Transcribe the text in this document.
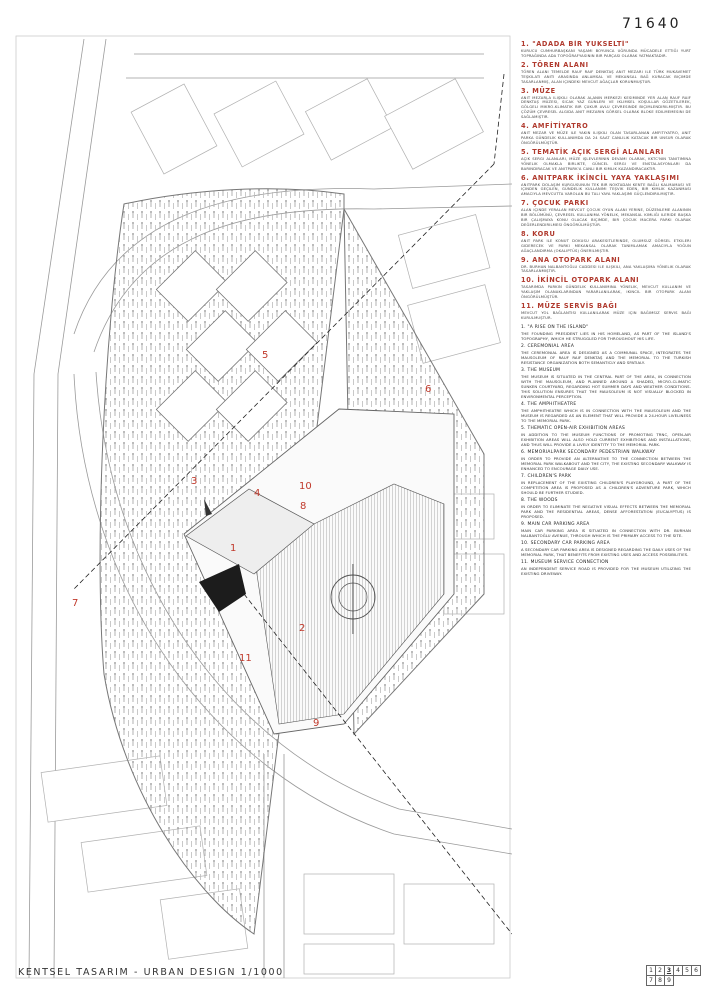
71640
1
2
3
4
5
6
7
8
9
10
11
1. "ADADA BİR YÜKSELTİ"
KURUCU CUMHURBAŞKANI YAŞAMI BOYUNCA UĞRUNDA MÜCADELE ETTIĞI YURT TOPRAĞINDA ADA TOPOĞRAFYASININ BIR PARÇASI OLARAK YATMAKTADIR.
2. TÖREN ALANI
TÖREN ALANI TEMELDE RAUF RAIF DENKTAŞ ANIT MEZARI ILE TÜRK MUKAVEMET TEŞKILATI ANITI ARASINDA ANLAMSAL VE MEKANSAL BAĞ KURACAK BIÇIMDE TASARLANMIŞ, ALAN IÇINDEKI MEVCUT AĞAÇLAR KORUNMUŞTUR.
3. MÜZE
ANIT MEZARLA ILIŞKILI OLARAK ALANIN MERKEZI KESIMINDE YER ALAN RAUF RAIF DENKTAŞ MÜZESI, SICAK YAZ GÜNLERI VE IKLIMSEL KOŞULLAR GÖZETILEREK, GÖLGELI MIKRO-KLIMATIK BIR ÇUKUR AVLU ÇEVRESINDE BIÇIMLENDIRILMIŞTIR. BU ÇÖZÜM ÇEVRESEL ALGIDA ANIT MEZARIN GÖRSEL OLARAK BLOKE EDILMEMESINI DE SAĞLAMIŞTIR.
4. AMFİTİYATRO
ANIT MEZAR VE MÜZE ILE YAKIN ILIŞKILI OLAN TASARLANAN AMFITIYATRO, ANIT PARKA GÜNDELIK KULLANIMDA DA 24 SAAT CANLILIK KATACAK BIR UNSUR OLARAK ÖNGÖRÜLMÜŞTÜR.
5. TEMATİK AÇIK SERGİ ALANLARI
AÇIK SERGI ALANLARI, MÜZE IŞLEVLERININ DEVAMI OLARAK, KKTC'NIN TANITIMINA YÖNELIK OLMAKLA BIRLIKTE, GÜNCEL SERGI VE ENSTALASYONLARI DA BARINDIRACAK VE ANITPARK'A CANLI BIR KIMLIK KAZANDIRACAKTIR.
6. ANITPARK İKİNCİL YAYA YAKLAŞIMI
ANITPARK DOLAŞIM KURGUSUNUN TEK BIR NOKTADAN KENTE BAĞLI KALMAMASI VE IÇINDEN GEÇILEN, GÜNDELIK KULLANIMI TEŞVIK EDEN, BIR KIMLIK KAZANMASI AMACIYLA MEVCUTTA VAROLAN BU TALI YAYA YAKLAŞIMI GÜÇLENDIRILMIŞTIR.
7. ÇOCUK PARKI
ALAN IÇINDE YERALAN MEVCUT ÇOCUK OYUN ALANI YERINE, DÜZENLEME ALANININ BIR BÖLÜMÜNÜ, ÇEVRESEL KULLANIMA YÖNELIK, MEKANSAL KIMLIĞI ILERIDE BAŞKA BIR ÇALIŞMAYA KONU OLACAK BIÇIMDE, BIR ÇOCUK MACERA PARKI OLARAK DEĞERLENDIRILMESI ÖNGÖRÜLMÜŞTÜR.
8. KORU
ANIT PARK ILE KONUT DOKUSU ARAKESITLERINDE, OLUMSUZ GÖRSEL ETKILERI GIDERECEK VE PARKI MEKANSAL OLARAK TANIMLAMAK AMACIYLA YOĞUN AĞAÇLANDIRMA (OKALIPTÜS) ÖNERILMIŞTIR.
9. ANA OTOPARK ALANI
DR. BURHAN NALBANTOĞLU CADDESI ILE ILIŞKILI, ANA YAKLAŞIMA YÖNELIK OLARAK TASARLANMIŞTIR.
10. İKİNCİL OTOPARK ALANI
TASARIMDA PARKIN GÜNDELIK KULLANIMINA YÖNELIK, MEVCUT KULLANIM VE YAKLAŞIM OLANAKLARINDAN YARARLANILARAK, IKINCIL BIR OTOPARK ALANI ÖNGÖRÜLMÜŞTÜR.
11. MÜZE SERVİS BAĞI
MEVCUT YOL BAĞLANTISI KULLANILARAK MÜZE IÇIN BAĞIMSIZ SERVIS BAĞI KURULMUŞTUR.
1. "A RISE ON THE ISLAND"
THE FOUNDING PRESIDENT LIES IN HIS HOMELAND, AS PART OF THE ISLAND'S TOPOGRAPHY, WHICH HE STRUGGLED FOR THROUGHOUT HIS LIFE.
2. CEREMONIAL AREA
THE CEREMONIAL AREA IS DESIGNED AS A COMMUNAL SPACE, INTEGRATES THE MAUSOLEUM OF RAUF RAIF DENKTAŞ AND THE MEMORIAL TO THE TURKISH RESISTANCE ORGANIZATION BOTH SEMANTICLY AND SPATIALY.
3. THE MUSEUM
THE MUSEUM IS SITUATED IN THE CENTRAL PART OF THE AREA, IN CONNECTION WITH THE MAUSOLEUM, AND PLANNED AROUND A SHADED, MICRO-CLIMATIC SUNKEN COURTYARD, REGARDING HOT SUMMER DAYS AND WEATHER CONDITIONS. THIS SOLUTION ENSURES THAT THE MAUSOLEUM IS NOT VISUALLY BLOCKED IN ENVIRONMENTAL PERCEPTION.
4. THE AMPHITHEATRE
THE AMPHITHEATRE WHICH IS IN CONNECTION WITH THE MAUSOLEUM AND THE MUSEUM IS REGARDED AS AN ELEMENT THAT WILL PROVIDE A 24-HOUR LIVELINESS TO THE MEMORIAL PARK.
5. THEMATIC OPEN-AIR EXHIBITION AREAS
IN ADDITION TO THE MUSEUM FUNCTIONS OF PROMOTING TRNC, OPEN-AIR EXHIBITION AREAS WILL ALSO HOLD CURRENT EXHIBITIONS AND INSTALLATIONS, AND THUS WILL PROVIDE A LIVELY IDENTITY TO THE MEMORIAL PARK.
6. MEMORIALPARK SECONDARY PEDESTRIAN WALKWAY
IN ORDER TO PROVIDE AN ALTERNATIVE TO THE CONNECTION BETWEEN THE MEMORIAL PARK WALKABOUT AND THE CITY, THE EXISTING SECONDARY WALKWAY IS ENHANCED TO ENCOURAGE DAILY USE.
7. CHILDREN'S PARK
IN REPLACEMENT OF THE EXISTING CHILDREN'S PLAYGROUND, A PART OF THE COMPETITION AREA IS PROPOSED AS A CHILDREN'S ADVENTURE PARK, WHICH SHOULD BE FURTHER STUDIED.
8. THE WOODS
IN ORDER TO ELIMINATE THE NEGATIVE VISUAL EFFECTS BETWEEN THE MEMORIAL PARK AND THE RESIDENTIAL AREAS, DENSE AFFORESTATION (EUCALYPTUS) IS PROPOSED.
9. MAIN CAR PARKING AREA
MAIN CAR PARKING AREA IS SITUATED IN CONNECTION WITH DR. BURHAN NALBANTOĞLU AVENUE, THROUGH WHICH IS THE PRIMARY ACCESS TO THE SITE.
10. SECONDARY CAR PARKING AREA
A SECONDARY CAR PARKING AREA IS DESIGNED REGARDING THE DAILY USES OF THE MEMORIAL PARK, THAT BENEFITS FROM EXISTING USES AND ACCESS POSSIBILITIES.
11. MUSEUM SERVICE CONNECTION
AN INDEPENDENT SERVICE ROAD IS PROVIDED FOR THE MUSEUM UTILIZING THE EXISTING DRIVEWAY.
KENTSEL TASARIM - URBAN DESIGN 1/1000	1	2	3	4	5	6
7	8	9			
